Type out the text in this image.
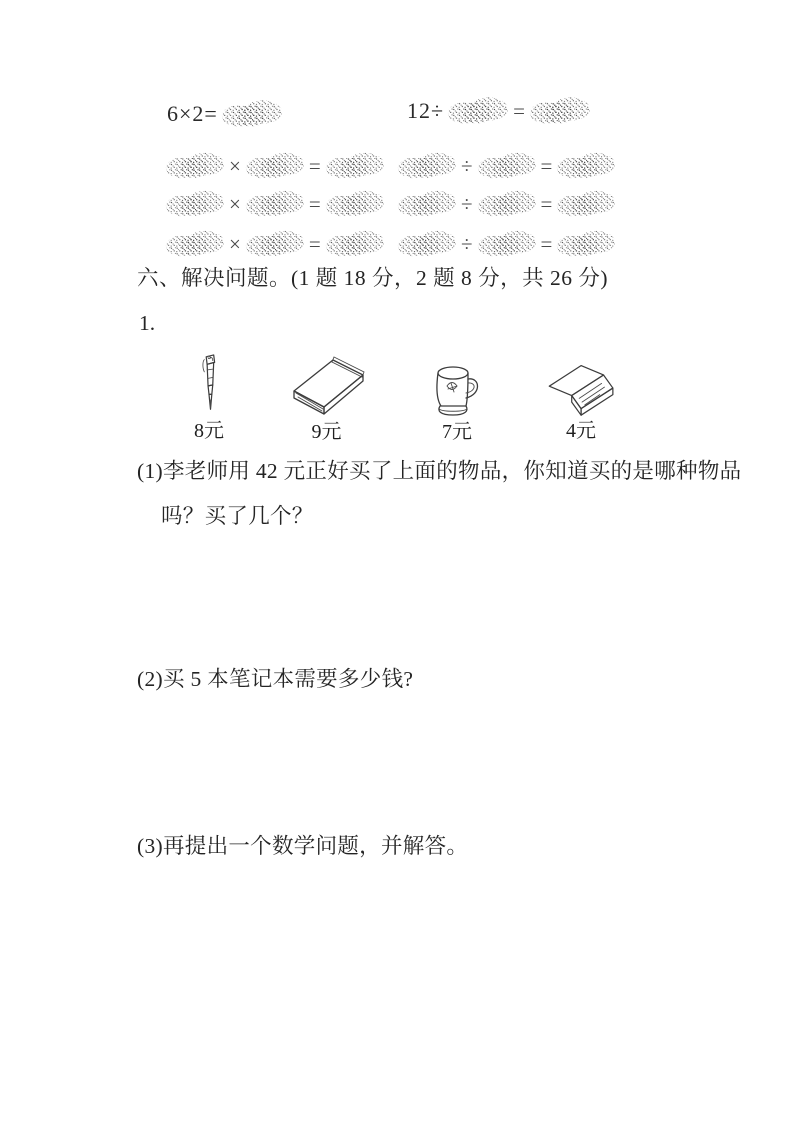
6×2=	12÷	=
×	=	÷	=
×	=	÷	=
×	=	÷	=
六、解决问题。(1 题 18 分，2 题 8 分，共 26 分)
1.
8元	9元	7元	4元

(1)李老师用 42 元正好买了上面的物品，你知道买的是哪种物品吗？买了几个？

(2)买 5 本笔记本需要多少钱?

(3)再提出一个数学问题，并解答。
